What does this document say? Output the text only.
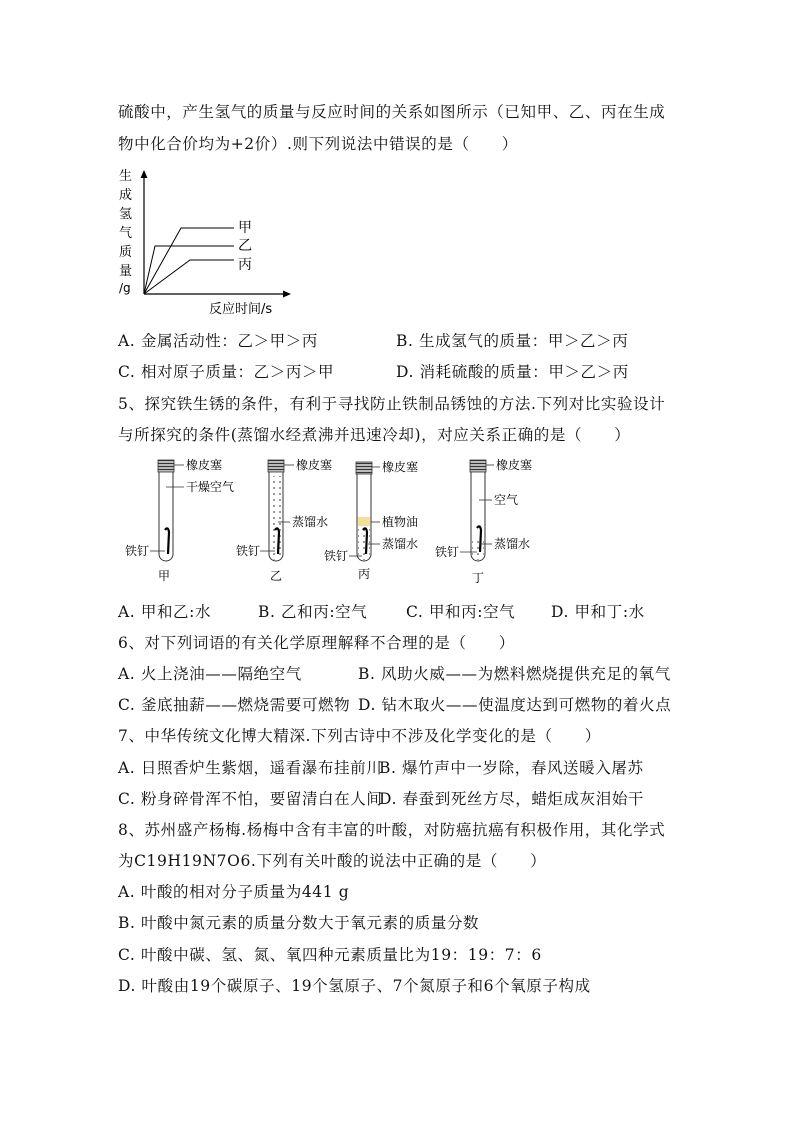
硫酸中，产生氢气的质量与反应时间的关系如图所示（已知甲、乙、丙在生成
物中化合价均为+2价）.则下列说法中错误的是（　　）
生
成
氢
气
质
量
/g
甲
乙
丙
反应时间/s
A. 金属活动性：乙＞甲＞丙	B. 生成氢气的质量：甲＞乙＞丙
C. 相对原子质量：乙＞丙＞甲	D. 消耗硫酸的质量：甲＞乙＞丙
5、探究铁生锈的条件，有利于寻找防止铁制品锈蚀的方法.下列对比实验设计
与所探究的条件(蒸馏水经煮沸并迅速冷却)，对应关系正确的是（　　）
橡皮塞
干燥空气
铁钉
甲
橡皮塞
蒸馏水
铁钉
乙
橡皮塞
植物油
蒸馏水
铁钉
丙
橡皮塞
空气
蒸馏水
铁钉
丁
A. 甲和乙:水	B. 乙和丙:空气 C. 甲和丙:空气 D. 甲和丁:水
6、对下列词语的有关化学原理解释不合理的是（　　）
A. 火上浇油——隔绝空气	B. 风助火威——为燃料燃烧提供充足的氧气
C. 釜底抽薪——燃烧需要可燃物 D. 钻木取火——使温度达到可燃物的着火点
7、中华传统文化博大精深.下列古诗中不涉及化学变化的是（　　）
A. 日照香炉生紫烟，遥看瀑布挂前川
B. 爆竹声中一岁除，春风送暖入屠苏
C. 粉身碎骨浑不怕，要留清白在人间
D. 春蚕到死丝方尽，蜡炬成灰泪始干
8、苏州盛产杨梅.杨梅中含有丰富的叶酸，对防癌抗癌有积极作用，其化学式
为C19H19N7O6.下列有关叶酸的说法中正确的是（　　）
A. 叶酸的相对分子质量为441 g
B. 叶酸中氮元素的质量分数大于氧元素的质量分数
C. 叶酸中碳、氢、氮、氧四种元素质量比为19：19：7：6
D. 叶酸由19个碳原子、19个氢原子、7个氮原子和6个氧原子构成
